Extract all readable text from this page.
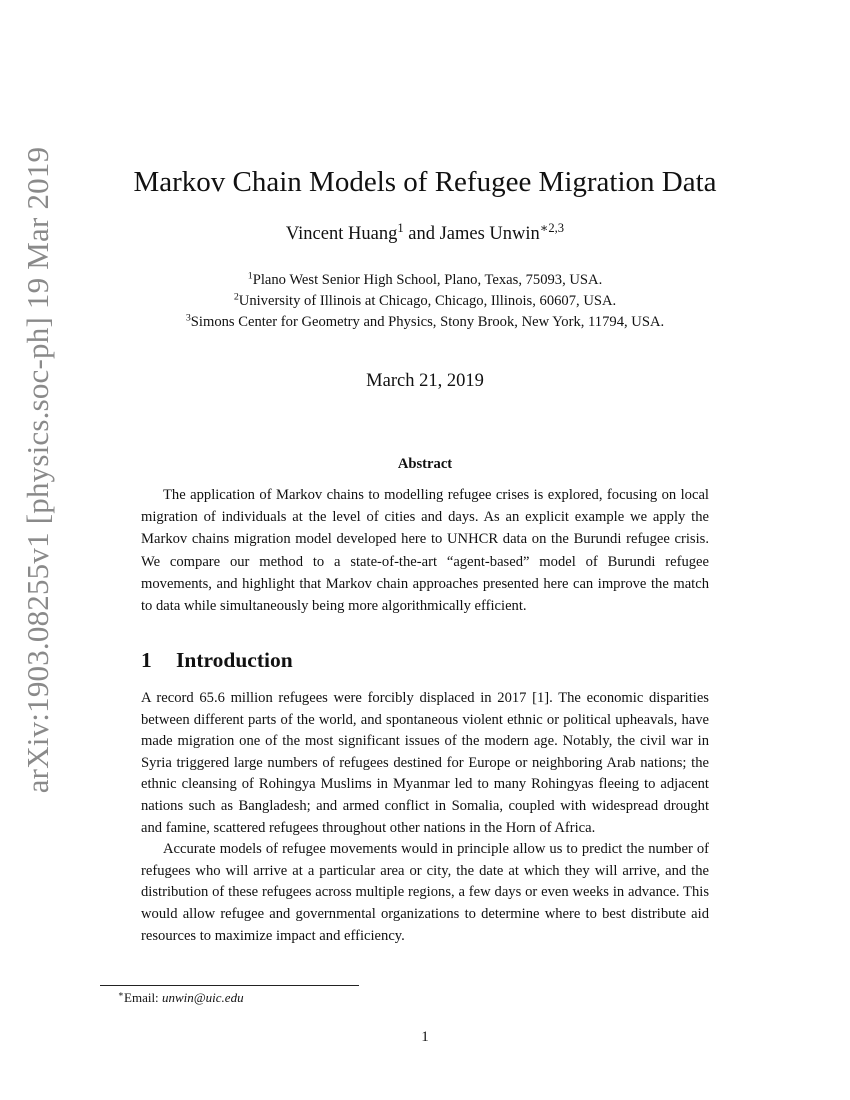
arXiv:1903.08255v1 [physics.soc-ph] 19 Mar 2019	Markov Chain Models of Refugee Migration Data
Vincent Huang$^1$ and James Unwin$^{∗2,3}$
$^1$Plano West Senior High School, Plano, Texas, 75093, USA.
$^2$University of Illinois at Chicago, Chicago, Illinois, 60607, USA.
$^3$Simons Center for Geometry and Physics, Stony Brook, New York, 11794, USA.
March 21, 2019
Abstract

The application of Markov chains to modelling refugee crises is explored, focusing on local migration of individuals at the level of cities and days. As an explicit example we apply the Markov chains migration model developed here to UNHCR data on the Burundi refugee crisis. We compare our method to a state-of-the-art “agent-based” model of Burundi refugee movements, and highlight that Markov chain approaches presented here can improve the match to data while simultaneously being more algorithmically efficient.

1 Introduction

A record 65.6 million refugees were forcibly displaced in 2017 [1]. The economic disparities between different parts of the world, and spontaneous violent ethnic or political upheavals, have made migration one of the most significant issues of the modern age. Notably, the civil war in Syria triggered large numbers of refugees destined for Europe or neighboring Arab nations; the ethnic cleansing of Rohingya Muslims in Myanmar led to many Rohingyas fleeing to adjacent nations such as Bangladesh; and armed conflict in Somalia, coupled with widespread drought and famine, scattered refugees throughout other nations in the Horn of Africa.

Accurate models of refugee movements would in principle allow us to predict the number of refugees who will arrive at a particular area or city, the date at which they will arrive, and the distribution of these refugees across multiple regions, a few days or even weeks in advance. This would allow refugee and governmental organizations to determine where to best distribute aid resources to maximize impact and efficiency.

∗Email: unwin@uic.edu
1
